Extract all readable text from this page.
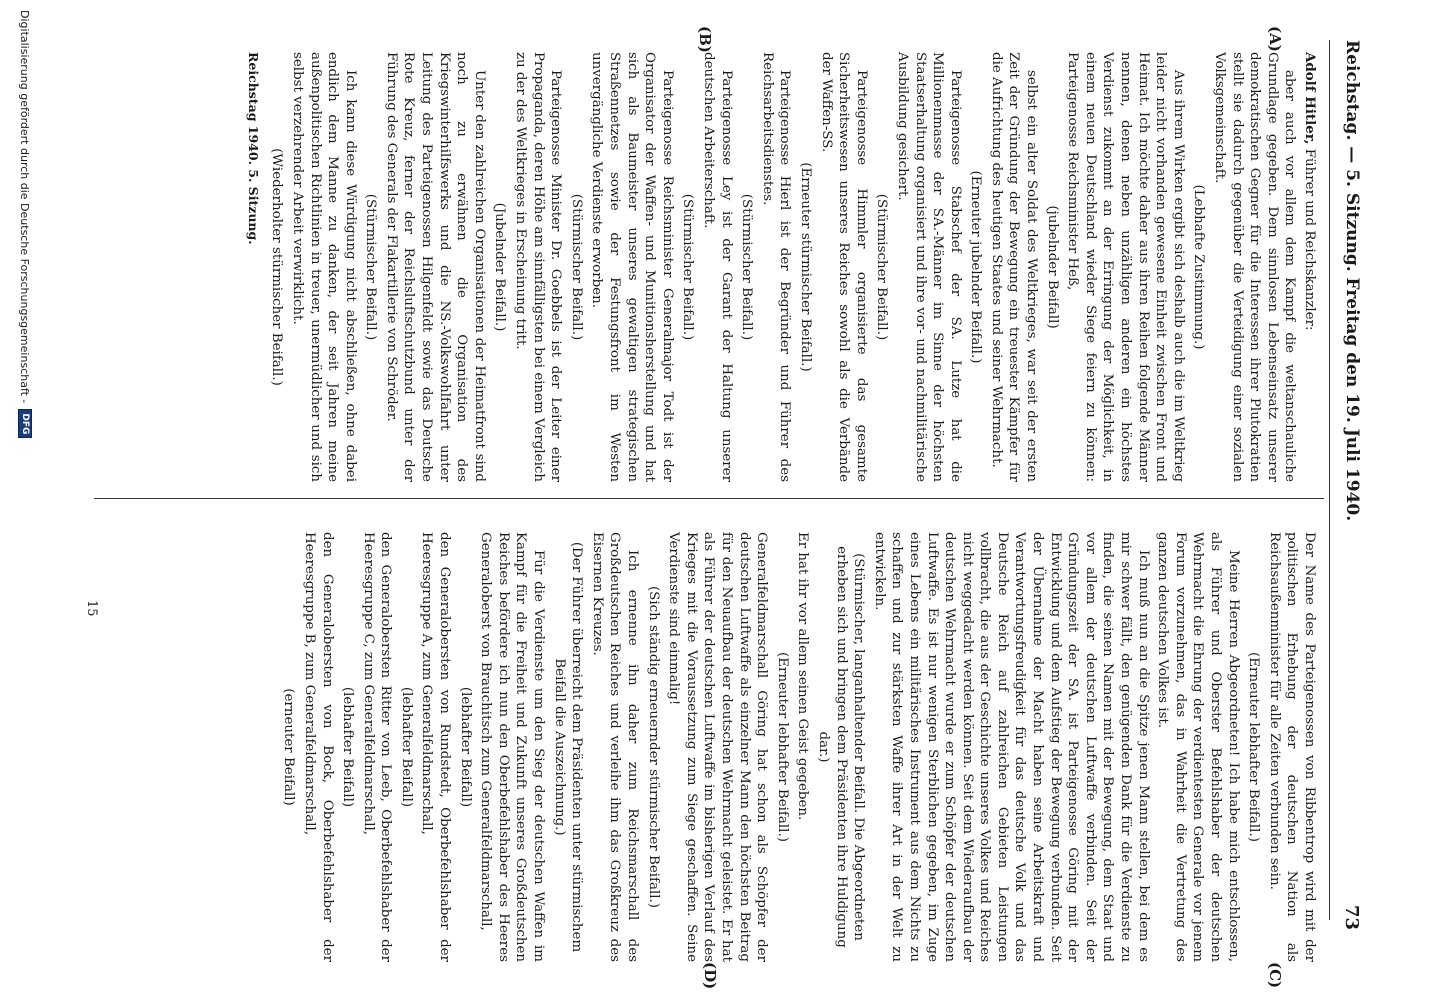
Reichstag. — 5. Sitzung. Freitag den 19. Juli 1940.
73
(A)
(B)
(C)
(D)

Adolf Hitler, Führer und Reichskanzler:

aber auch vor allem dem Kampf die weltanschauliche Grundlage gegeben. Dem sinnlosen Lebenseinsatz unserer demokratischen Gegner für die Interessen ihrer Plutokratien stellt sie dadurch gegenüber die Verteidigung einer sozialen Volksgemeinschaft.

(Lebhafte Zustimmung.)

Aus ihrem Wirken ergibt sich deshalb auch die im Weltkrieg leider nicht vorhanden gewesene Einheit zwischen Front und Heimat. Ich möchte daher aus ihren Reihen folgende Männer nennen, denen neben unzähligen anderen ein höchstes Verdienst zukommt an der Erringung der Möglichkeit, in einem neuen Deutschland wieder Siege feiern zu können: Parteigenosse Reichsminister Heß,

(jubelnder Beifall)

selbst ein alter Soldat des Weltkrieges, war seit der ersten Zeit der Gründung der Bewegung ein treuester Kämpfer für die Aufrichtung des heutigen Staates und seiner Wehrmacht.

(Erneuter jubelnder Beifall.)

Parteigenosse Stabschef der SA. Lutze hat die Millionenmasse der SA.-Männer im Sinne der höchsten Staatserhaltung organisiert und ihre vor- und nachmilitärische Ausbildung gesichert.

(Stürmischer Beifall.)

Parteigenosse Himmler organisierte das gesamte Sicherheitswesen unseres Reiches sowohl als die Verbände der Waffen-SS.

(Erneuter stürmischer Beifall.)

Parteigenosse Hierl ist der Begründer und Führer des Reichsarbeitsdienstes.

(Stürmischer Beifall.)

Parteigenosse Ley ist der Garant der Haltung unserer deutschen Arbeiterschaft.

(Stürmischer Beifall.)

Parteigenosse Reichsminister Generalmajor Todt ist der Organisator der Waffen- und Munitionsherstellung und hat sich als Baumeister unseres gewaltigen strategischen Straßennetzes sowie der Festungsfront im Westen unvergängliche Verdienste erworben.

(Stürmischer Beifall.)

Parteigenosse Minister Dr. Goebbels ist der Leiter einer Propaganda, deren Höhe am sinnfälligsten bei einem Vergleich zu der des Weltkrieges in Erscheinung tritt.

(Jubelnder Beifall.)

Unter den zahlreichen Organisationen der Heimatfront sind noch zu erwähnen die Organisation des Kriegswinterhilfswerks und die NS.-Volkswohlfahrt unter Leitung des Parteigenossen Hilgenfeldt sowie das Deutsche Rote Kreuz, ferner der Reichsluftschutzbund unter der Führung des Generals der Flakartillerie von Schröder.

(Stürmischer Beifall.)

Ich kann diese Würdigung nicht abschließen, ohne dabei endlich dem Manne zu danken, der seit Jahren meine außenpolitischen Richtlinien in treuer, unermüdlicher und sich selbst verzehrender Arbeit verwirklicht.

(Wiederholter stürmischer Beifall.)

Reichstag 1940. 5. Sitzung.

Der Name des Parteigenossen von Ribbentrop wird mit der politischen Erhebung der deutschen Nation als Reichsaußenminister für alle Zeiten verbunden sein.

(Erneuter lebhafter Beifall.)

Meine Herren Abgeordneten! Ich habe mich entschlossen, als Führer und Oberster Befehlshaber der deutschen Wehrmacht die Ehrung der verdientesten Generale vor jenem Forum vorzunehmen, das in Wahrheit die Vertretung des ganzen deutschen Volkes ist.

Ich muß nun an die Spitze jenen Mann stellen, bei dem es mir schwer fällt, den genügenden Dank für die Verdienste zu finden, die seinen Namen mit der Bewegung, dem Staat und vor allem der deutschen Luftwaffe verbinden. Seit der Gründungszeit der SA. ist Parteigenosse Göring mit der Entwicklung und dem Aufstieg der Bewegung verbunden. Seit der Übernahme der Macht haben seine Arbeitskraft und Verantwortungsfreudigkeit für das deutsche Volk und das Deutsche Reich auf zahlreichen Gebieten Leistungen vollbracht, die aus der Geschichte unseres Volkes und Reiches nicht weggedacht werden können. Seit dem Wiederaufbau der deutschen Wehrmacht wurde er zum Schöpfer der deutschen Luftwaffe. Es ist nur wenigen Sterblichen gegeben, im Zuge eines Lebens ein militärisches Instrument aus dem Nichts zu schaffen und zur stärksten Waffe ihrer Art in der Welt zu entwickeln.

(Stürmischer, langanhaltender Beifall. Die Abgeordneten erheben sich und bringen dem Präsidenten ihre Huldigung dar.)

Er hat ihr vor allem seinen Geist gegeben.

(Erneuter lebhafter Beifall.)

Generalfeldmarschall Göring hat schon als Schöpfer der deutschen Luftwaffe als einzelner Mann den höchsten Beitrag für den Neuaufbau der deutschen Wehrmacht geleistet. Er hat als Führer der deutschen Luftwaffe im bisherigen Verlauf des Krieges mit die Voraussetzung zum Siege geschaffen. Seine Verdienste sind einmalig!

(Sich ständig erneuernder stürmischer Beifall.)

Ich ernenne ihn daher zum Reichsmarschall des Großdeutschen Reiches und verleihe ihm das Großkreuz des Eisernen Kreuzes.

(Der Führer überreicht dem Präsidenten unter stürmischem Beifall die Auszeichnung.)

Für die Verdienste um den Sieg der deutschen Waffen im Kampf für die Freiheit und Zukunft unseres Großdeutschen Reiches befördere ich nun den Oberbefehlshaber des Heeres Generaloberst von Brauchitsch zum Generalfeldmarschall,

(lebhafter Beifall)

den Generalobersten von Rundstedt, Oberbefehlshaber der Heeresgruppe A, zum Generalfeldmarschall,

(lebhafter Beifall)

den Generalobersten Ritter von Leeb, Oberbefehlshaber der Heeresgruppe C, zum Generalfeldmarschall,

(lebhafter Beifall)

den Generalobersten von Bock, Oberbefehlshaber der Heeresgruppe B, zum Generalfeldmarschall,

(erneuter Beifall)

15
Digitalisierung gefördert durch die Deutsche Forschungsgemeinschaft -
DFG
